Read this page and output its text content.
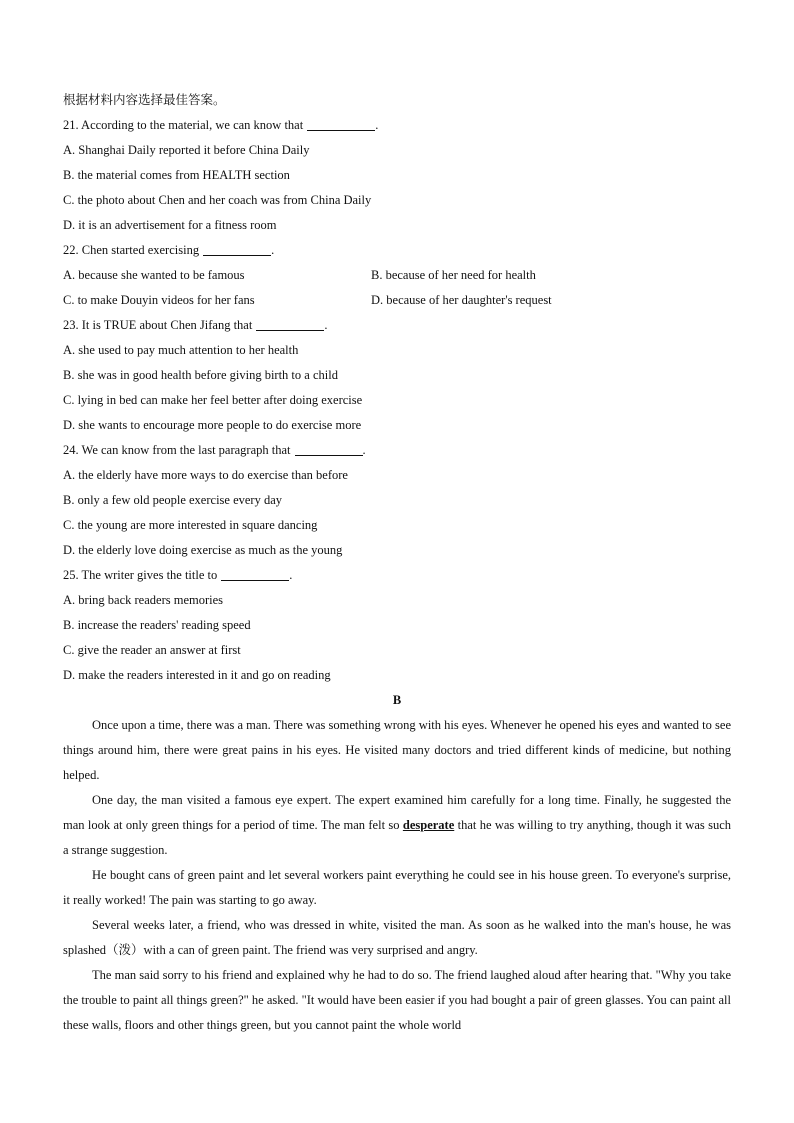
根据材料内容选择最佳答案。
21. According to the material, we can know that	.
A. Shanghai Daily reported it before China Daily
B. the material comes from HEALTH section
C. the photo about Chen and her coach was from China Daily
D. it is an advertisement for a fitness room
22. Chen started exercising	.
A. because she wanted to be famous	B. because of her need for health
C. to make Douyin videos for her fans	D. because of her daughter's request
23. It is TRUE about Chen Jifang that	.
A. she used to pay much attention to her health
B. she was in good health before giving birth to a child
C. lying in bed can make her feel better after doing exercise
D. she wants to encourage more people to do exercise more
24. We can know from the last paragraph that	.
A. the elderly have more ways to do exercise than before
B. only a few old people exercise every day
C. the young are more interested in square dancing
D. the elderly love doing exercise as much as the young
25. The writer gives the title to	.
A. bring back readers memories
B. increase the readers' reading speed
C. give the reader an answer at first
D. make the readers interested in it and go on reading
B

Once upon a time, there was a man. There was something wrong with his eyes. Whenever he opened his eyes and wanted to see things around him, there were great pains in his eyes. He visited many doctors and tried different kinds of medicine, but nothing helped.

One day, the man visited a famous eye expert. The expert examined him carefully for a long time. Finally, he suggested the man look at only green things for a period of time. The man felt so desperate that he was willing to try anything, though it was such a strange suggestion.

He bought cans of green paint and let several workers paint everything he could see in his house green. To everyone's surprise, it really worked! The pain was starting to go away.

Several weeks later, a friend, who was dressed in white, visited the man. As soon as he walked into the man's house, he was splashed（泼）with a can of green paint. The friend was very surprised and angry.

The man said sorry to his friend and explained why he had to do so. The friend laughed aloud after hearing that. "Why you take the trouble to paint all things green?" he asked. "It would have been easier if you had bought a pair of green glasses. You can paint all these walls, floors and other things green, but you cannot paint the whole world
